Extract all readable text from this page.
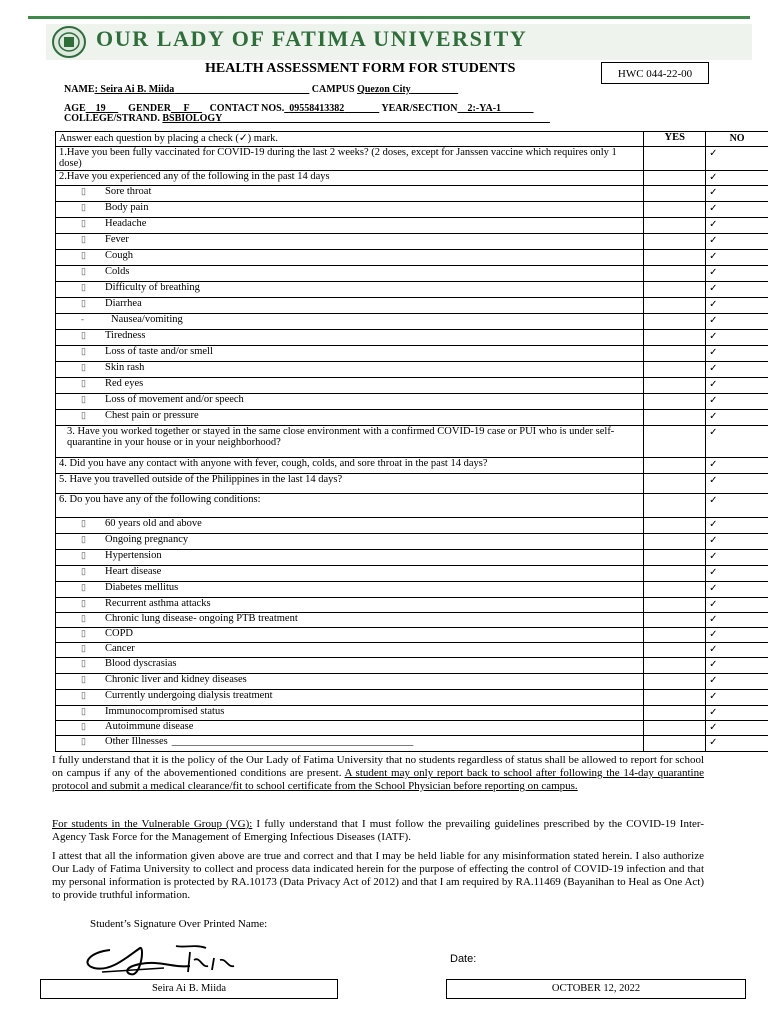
OUR LADY OF FATIMA UNIVERSITY
HEALTH ASSESSMENT FORM FOR STUDENTS	HWC 044-22-00
NAME: Seira Ai B. Miida	CAMPUS Quezon City
AGE 19 GENDER F CONTACT NOS. 09558413382	YEAR/SECTION 2:-YA-1
COLLEGE/STRAND. BSBIOLOGY
Answer each question by placing a check (✓) mark.	YES	NO

1.Have you been fully vaccinated for COVID-19 during the last 2 weeks? (2 doses, except for Janssen vaccine which requires only 1 dose)		✓

2.Have you experienced any of the following in the past 14 days		✓
▯ Sore throat		✓
▯ Body pain		✓
▯ Headache		✓
▯ Fever		✓
▯ Cough		✓
▯ Colds		✓
▯ Difficulty of breathing		✓
▯ Diarrhea		✓
- Nausea/vomiting		✓
▯ Tiredness		✓
▯ Loss of taste and/or smell		✓
▯ Skin rash		✓
▯ Red eyes		✓
▯ Loss of movement and/or speech		✓
▯ Chest pain or pressure		✓

3. Have you worked together or stayed in the same close environment with a confirmed COVID-19 case or PUI who is under self-quarantine in your house or in your neighborhood?		✓

4. Did you have any contact with anyone with fever, cough, colds, and sore throat in the past 14 days?		✓

5. Have you travelled outside of the Philippines in the last 14 days?		✓

6. Do you have any of the following conditions:		✓
▯ 60 years old and above		✓
▯ Ongoing pregnancy		✓
▯ Hypertension		✓
▯ Heart disease		✓
▯ Diabetes mellitus		✓
▯ Recurrent asthma attacks		✓
▯ Chronic lung disease- ongoing PTB treatment		✓
▯ COPD		✓
▯ Cancer		✓
▯ Blood dyscrasias		✓
▯ Chronic liver and kidney diseases		✓
▯ Currently undergoing dialysis treatment		✓
▯ Immunocompromised status		✓
▯ Autoimmune disease		✓
▯ Other Illnesses ______________________________________________		✓

I fully understand that it is the policy of the Our Lady of Fatima University that no students regardless of status shall be allowed to report for school on campus if any of the abovementioned conditions are present. A student may only report back to school after following the 14-day quarantine protocol and submit a medical clearance/fit to school certificate from the School Physician before reporting on campus.

For students in the Vulnerable Group (VG): I fully understand that I must follow the prevailing guidelines prescribed by the COVID-19 Inter-Agency Task Force for the Management of Emerging Infectious Diseases (IATF).

I attest that all the information given above are true and correct and that I may be held liable for any misinformation stated herein. I also authorize Our Lady of Fatima University to collect and process data indicated herein for the purpose of effecting the control of COVID-19 infection and that my personal information is protected by RA.10173 (Data Privacy Act of 2012) and that I am required by RA.11469 (Bayanihan to Heal as One Act) to provide truthful information.

Student’s Signature Over Printed Name:
Date:
Seira Ai B. Miida	OCTOBER 12, 2022
